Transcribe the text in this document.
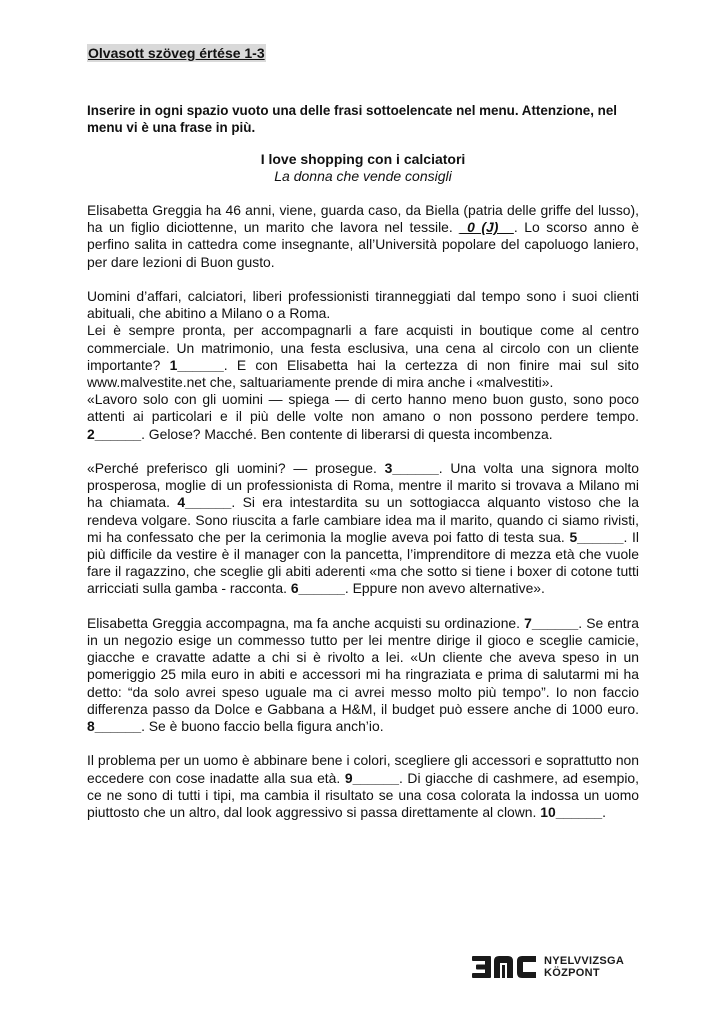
Olvasott szöveg értése 1-3
Inserire in ogni spazio vuoto una delle frasi sottoelencate nel menu. Attenzione, nel menu vi è una frase in più.
I love shopping con i calciatori
La donna che vende consigli

Elisabetta Greggia ha 46 anni, viene, guarda caso, da Biella (patria delle griffe del lusso), ha un figlio diciottenne, un marito che lavora nel tessile. _0 (J)__. Lo scorso anno è perfino salita in cattedra come insegnante, all’Università popolare del capoluogo laniero, per dare lezioni di Buon gusto.

Uomini d’affari, calciatori, liberi professionisti tiranneggiati dal tempo sono i suoi clienti abituali, che abitino a Milano o a Roma.

Lei è sempre pronta, per accompagnarli a fare acquisti in boutique come al centro commerciale. Un matrimonio, una festa esclusiva, una cena al circolo con un cliente importante? 1______. E con Elisabetta hai la certezza di non finire mai sul sito www.malvestite.net che, saltuariamente prende di mira anche i «malvestiti».

«Lavoro solo con gli uomini — spiega — di certo hanno meno buon gusto, sono poco attenti ai particolari e il più delle volte non amano o non possono perdere tempo. 2______. Gelose? Macché. Ben contente di liberarsi di questa incombenza.

«Perché preferisco gli uomini? — prosegue. 3______. Una volta una signora molto prosperosa, moglie di un professionista di Roma, mentre il marito si trovava a Milano mi ha chiamata. 4______. Si era intestardita su un sottogiacca alquanto vistoso che la rendeva volgare. Sono riuscita a farle cambiare idea ma il marito, quando ci siamo rivisti, mi ha confessato che per la cerimonia la moglie aveva poi fatto di testa sua. 5______. Il più difficile da vestire è il manager con la pancetta, l’imprenditore di mezza età che vuole fare il ragazzino, che sceglie gli abiti aderenti «ma che sotto si tiene i boxer di cotone tutti arricciati sulla gamba - racconta. 6______. Eppure non avevo alternative».

Elisabetta Greggia accompagna, ma fa anche acquisti su ordinazione. 7______. Se entra in un negozio esige un commesso tutto per lei mentre dirige il gioco e sceglie camicie, giacche e cravatte adatte a chi si è rivolto a lei. «Un cliente che aveva speso in un pomeriggio 25 mila euro in abiti e accessori mi ha ringraziata e prima di salutarmi mi ha detto: “da solo avrei speso uguale ma ci avrei messo molto più tempo”. Io non faccio differenza passo da Dolce e Gabbana a H&M, il budget può essere anche di 1000 euro. 8______. Se è buono faccio bella figura anch’io.

Il problema per un uomo è abbinare bene i colori, scegliere gli accessori e soprattutto non eccedere con cose inadatte alla sua età. 9______. Di giacche di cashmere, ad esempio, ce ne sono di tutti i tipi, ma cambia il risultato se una cosa colorata la indossa un uomo piuttosto che un altro, dal look aggressivo si passa direttamente al clown. 10______.

NYELVVIZSGA
KÖZPONT
